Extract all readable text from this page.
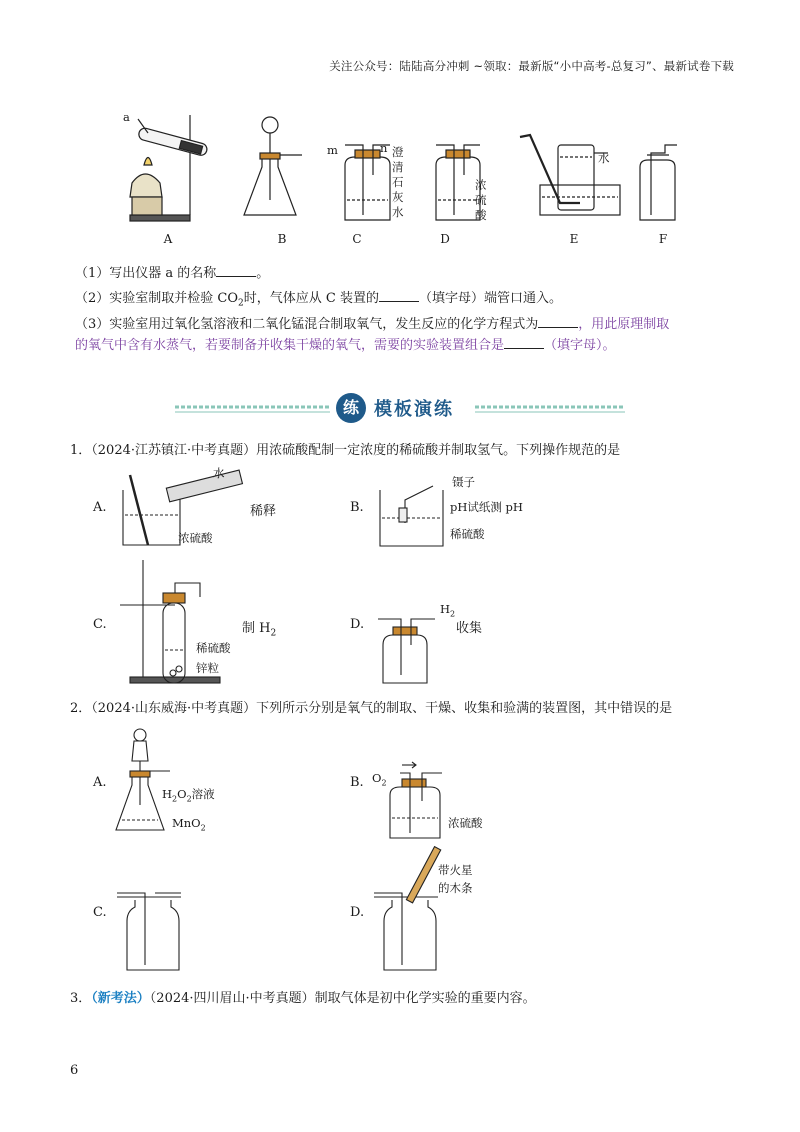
关注公众号：陆陆高分冲刺 ~领取：最新版“小中高考-总复习”、最新试卷下载
a
m	n 澄清石灰水
浓硫酸
水
A	B	C	D	E	F
（1）写出仪器 a 的名称	。
（2）实验室制取并检验 $CO_2$时，气体应从 C 装置的	（填字母）端管口通入。
（3）实验室用过氧化氢溶液和二氧化锰混合制取氧气，发生反应的化学方程式为	，用此原理制取
的氧气中含有水蒸气，若要制备并收集干燥的氧气，需要的实验装置组合是	（填字母）。
练 模板演练
1．（2024·江苏镇江·中考真题）用浓硫酸配制一定浓度的稀硫酸并制取氢气。下列操作规范的是
A.
水
稀释
浓硫酸
B.
镊子
pH试纸测 pH
稀硫酸
C.	制 $H_2$
稀硫酸
锌粒
D.
$H_2$
收集
2．（2024·山东威海·中考真题）下列所示分别是氧气的制取、干燥、收集和验满的装置图，其中错误的是
A.
$H_2O_2$溶液
MnO$_2$
B. $O_2$
浓硫酸
C.	D.
带火星
的木条
3．（新考法）（2024·四川眉山·中考真题）制取气体是初中化学实验的重要内容。
6
